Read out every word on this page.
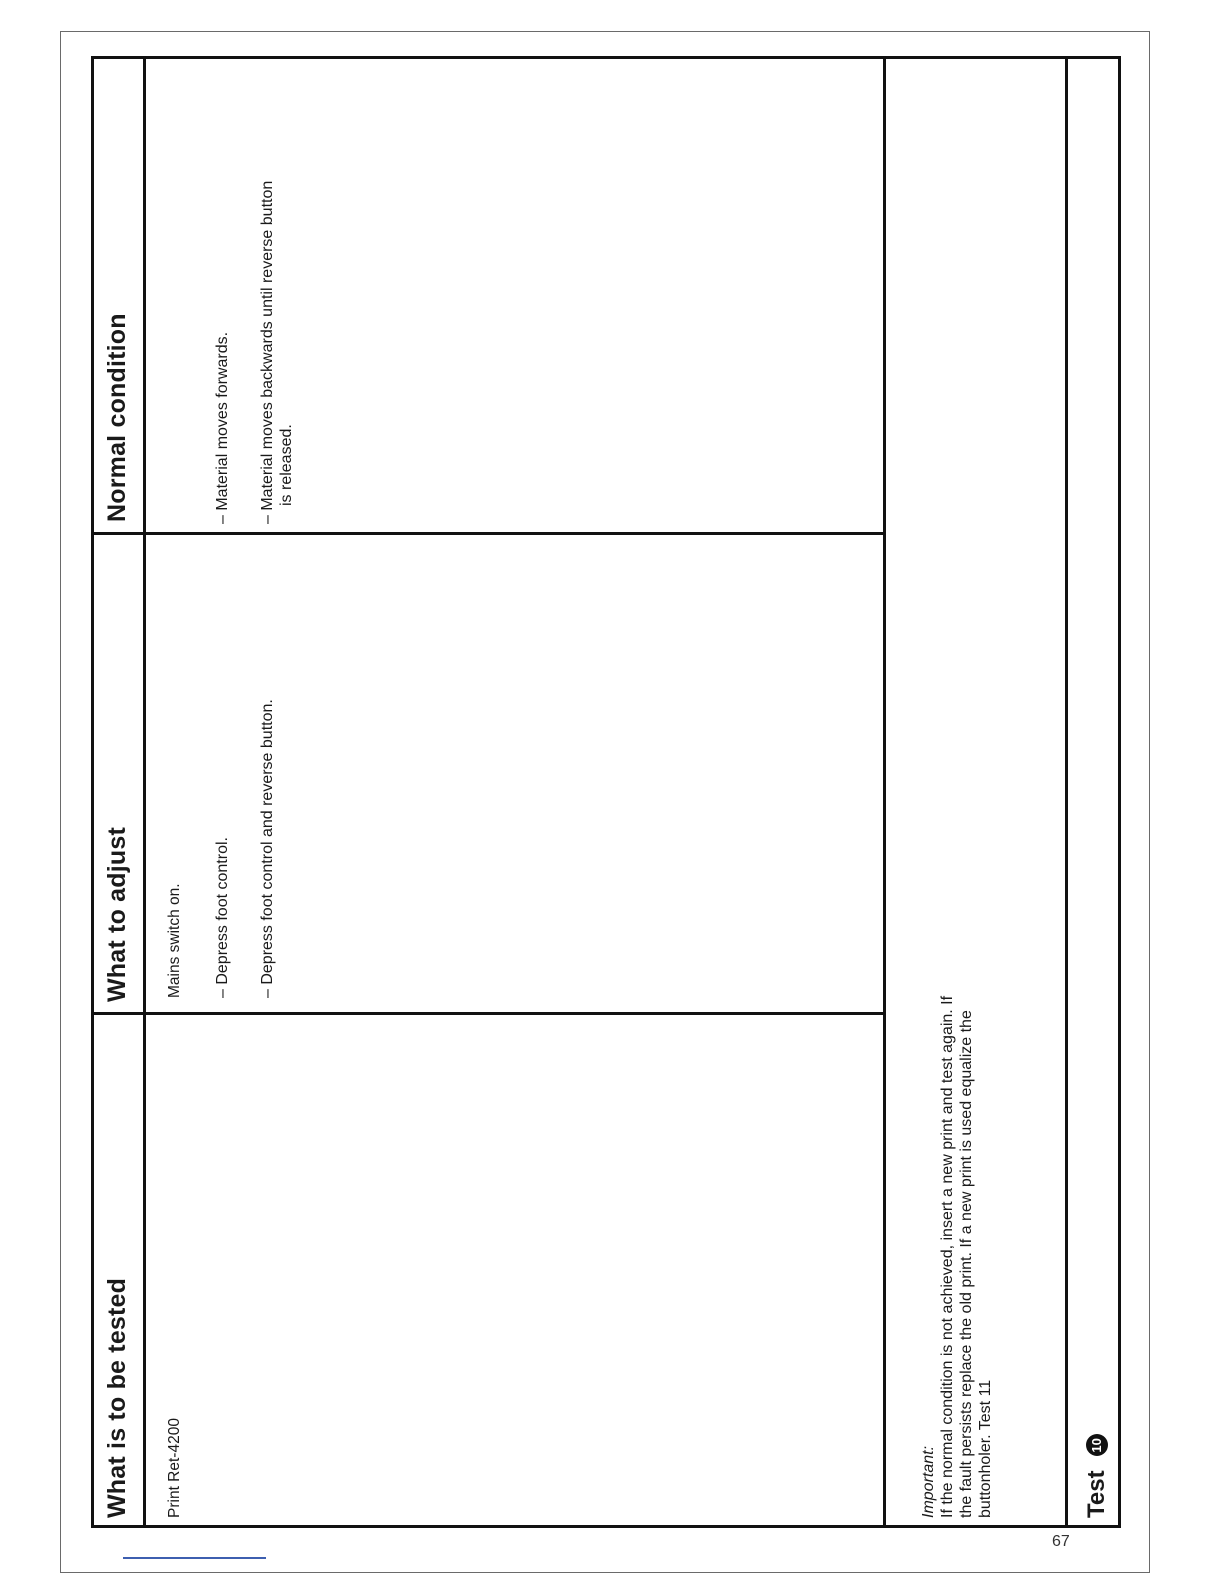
What is to be tested
What to adjust
Normal condition
Print Ret-4200
Mains switch on. – Depress foot control. – Depress foot control and reverse button.
– Material moves forwards. – Material moves backwards until reverse button is released.
Important: If the normal condition is not achieved, insert a new print and test again. If the fault persists replace the old print. If a new print is used equalize the buttonholer. Test 11	Test
10
67
